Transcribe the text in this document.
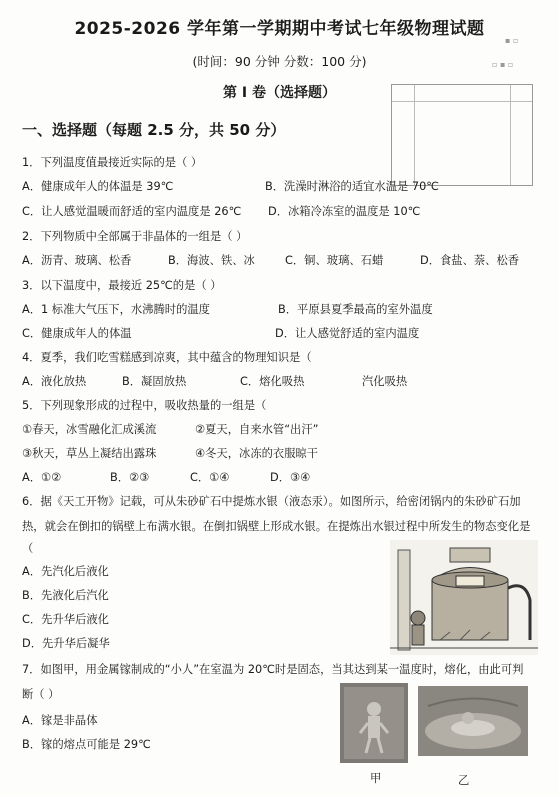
2025-2026 学年第一学期期中考试七年级物理试题
(时间：90 分钟 分数：100 分)
第 I 卷（选择题）
▪ ▫
▫ ▪ ▫
一、选择题（每题 2.5 分，共 50 分）
1．下列温度值最接近实际的是（ ）
A．健康成年人的体温是 39℃	B．洗澡时淋浴的适宜水温是 70℃
C．让人感觉温暖而舒适的室内温度是 26℃ D．冰箱冷冻室的温度是 10℃
2．下列物质中全部属于非晶体的一组是（ ）
A．沥青、玻璃、松香	B．海波、铁、冰	C．铜、玻璃、石蜡	D．食盐、萘、松香
3．以下温度中，最接近 25℃的是（ ）
A．1 标准大气压下，水沸腾时的温度	B．平原县夏季最高的室外温度
C．健康成年人的体温	D．让人感觉舒适的室内温度
4．夏季，我们吃雪糕感到凉爽，其中蕴含的物理知识是（
A．液化放热	B．凝固放热	C．熔化吸热	汽化吸热
5．下列现象形成的过程中，吸收热量的一组是（
①春天，冰雪融化汇成溪流	②夏天，自来水管“出汗”
③秋天，草丛上凝结出露珠	④冬天，冰冻的衣服晾干
A．①②	B．②③	C．①④	D．③④
6．据《天工开物》记载，可从朱砂矿石中提炼水银（液态汞）。如图所示，给密闭锅内的朱砂矿石加
热，就会在倒扣的锅壁上布满水银。在倒扣锅壁上形成水银。在提炼出水银过程中所发生的物态变化是
（
A．先汽化后液化
B．先液化后汽化
C．先升华后液化
D．先升华后凝华
7．如图甲，用金属镓制成的“小人”在室温为 20℃时是固态，当其达到某一温度时，熔化，由此可判
断（ ）
A．镓是非晶体
B．镓的熔点可能是 29℃
甲	乙
